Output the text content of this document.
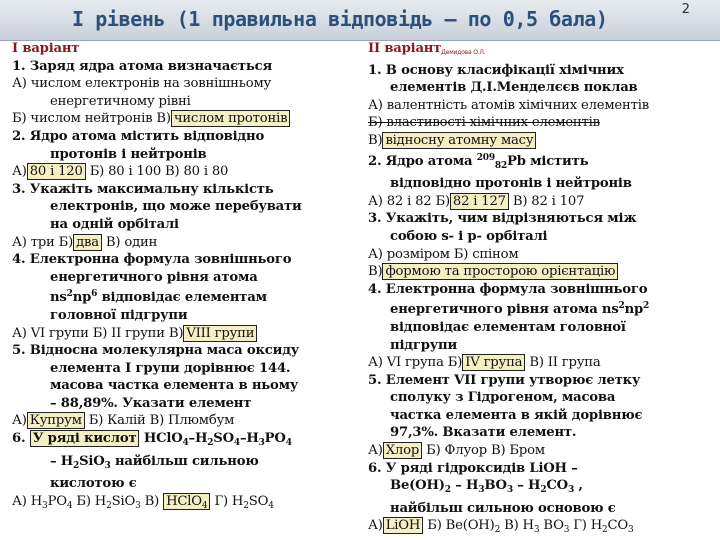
I рівень (1 правильна відповідь – по 0,5 бала)	2
I варіант
1. Заряд ядра атома визначається
А) числом електронів на зовнішньому
енергетичному рівні
Б) числом нейтронів В) числом протонів
2. Ядро атома містить відповідно
протонів і нейтронів
А) 80 і 120 Б) 80 і 100 В) 80 і 80
3. Укажіть максимальну кількість
електронів, що може перебувати
на одній орбіталі
А) три Б) два В) один
4. Електронна формула зовнішнього
енергетичного рівня атома
$ns^2np^6$ відповідає елементам
головної підгрупи
А) VI групи Б) II групи В) VIII групи
5. Відносна молекулярна маса оксиду
елемента І групи дорівнює 144.
масова частка елемента в ньому
– 88,89%. Указати елемент
А) Купрум Б) Калій В) Плюмбум
6. У ряді кислот $HClO_4-H_2SO_4-H_3PO_4$
– $H_2SiO_3$ найбільш сильною
кислотою є
А) $H_3PO_4$ Б) $H_2SiO_3$ В) HClO$_4$ Г) $H_2SO_4$
II варіантДемидова О.Л.
1. В основу класифікації хімічних
елементів Д.І.Менделєєв поклав
А) валентність атомів хімічних елементів
Б) властивості хімічних елементів
В) відносну атомну масу
2. Ядро атома $^{209}_{82}$Pb містить
відповідно протонів і нейтронів
А) 82 і 82 Б) 82 і 127 В) 82 і 107
3. Укажіть, чим відрізняються між
собою s- і p- орбіталі
А) розміром Б) спіном
В) формою та просторою орієнтацію
4. Електронна формула зовнішнього
енергетичного рівня атома $ns^2np^2$
відповідає елементам головної
підгрупи
А) VI група Б) IV група В) II група
5. Елемент VII групи утворює летку
сполуку з Гідрогеном, масова
частка елемента в якій дорівнює
97,3%. Вказати елемент.
А) Хлор Б) Флуор В) Бром
6. У ряді гідроксидів LiOH –
$Be(OH)_2 - H_3BO_3 - H_2CO_3$ ,
найбільш сильною основою є
А) LiOH Б) $Be(OH)_2$ В) $H_3$ $BO_3$ Г) $H_2CO_3$
